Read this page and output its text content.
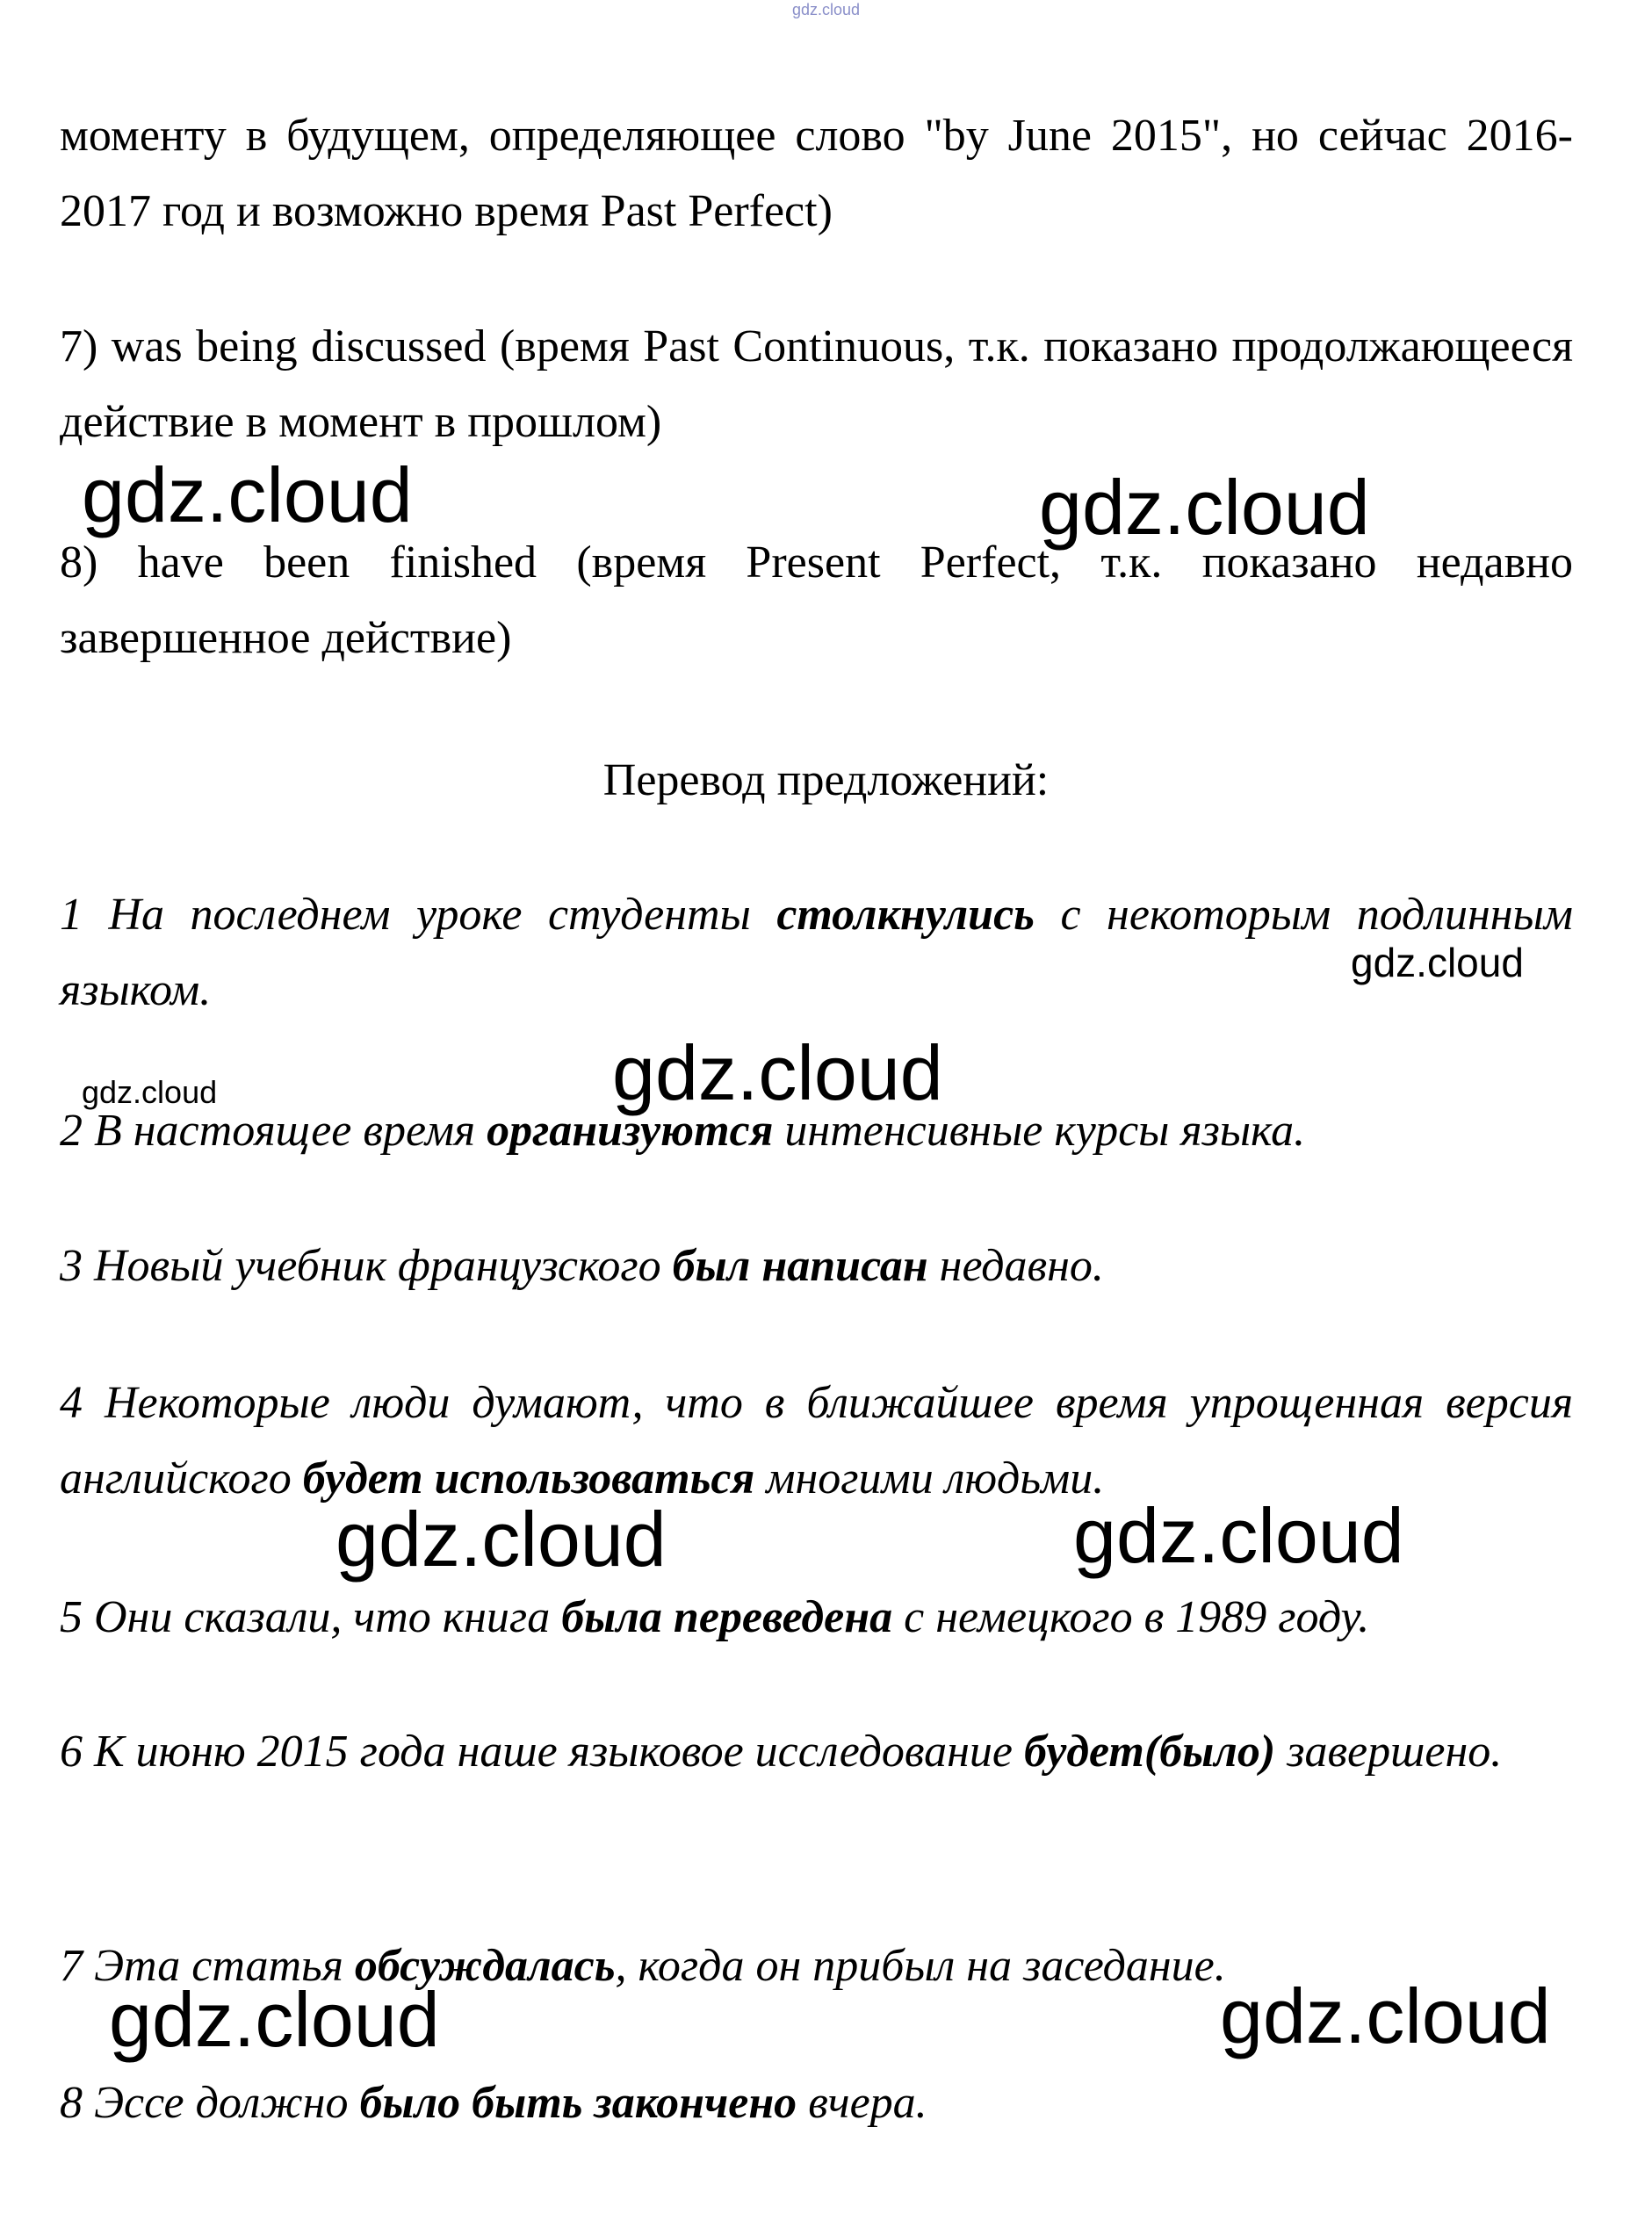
gdz.cloud

моменту в будущем, определяющее слово "by June 2015", но сейчас 2016-2017 год и возможно время Past Perfect)

7) was being discussed (время Past Continuous, т.к. показано продолжающееся действие в момент в прошлом)

8) have been finished (время Present Perfect, т.к. показано недавно завершенное действие)

Перевод предложений:

1 На последнем уроке студенты столкнулись с некоторым подлинным языком.

2 В настоящее время организуются интенсивные курсы языка.

3 Новый учебник французского был написан недавно.

4 Некоторые люди думают, что в ближайшее время упрощенная версия английского будет использоваться многими людьми.

5 Они сказали, что книга была переведена с немецкого в 1989 году.

6 К июню 2015 года наше языковое исследование будет(было) завершено.

7 Эта статья обсуждалась, когда он прибыл на заседание.

8 Эссе должно было быть закончено вчера.

gdz.cloud	gdz.cloud
gdz.cloud
gdz.cloud
gdz.cloud
gdz.cloud	gdz.cloud
gdz.cloud	gdz.cloud
